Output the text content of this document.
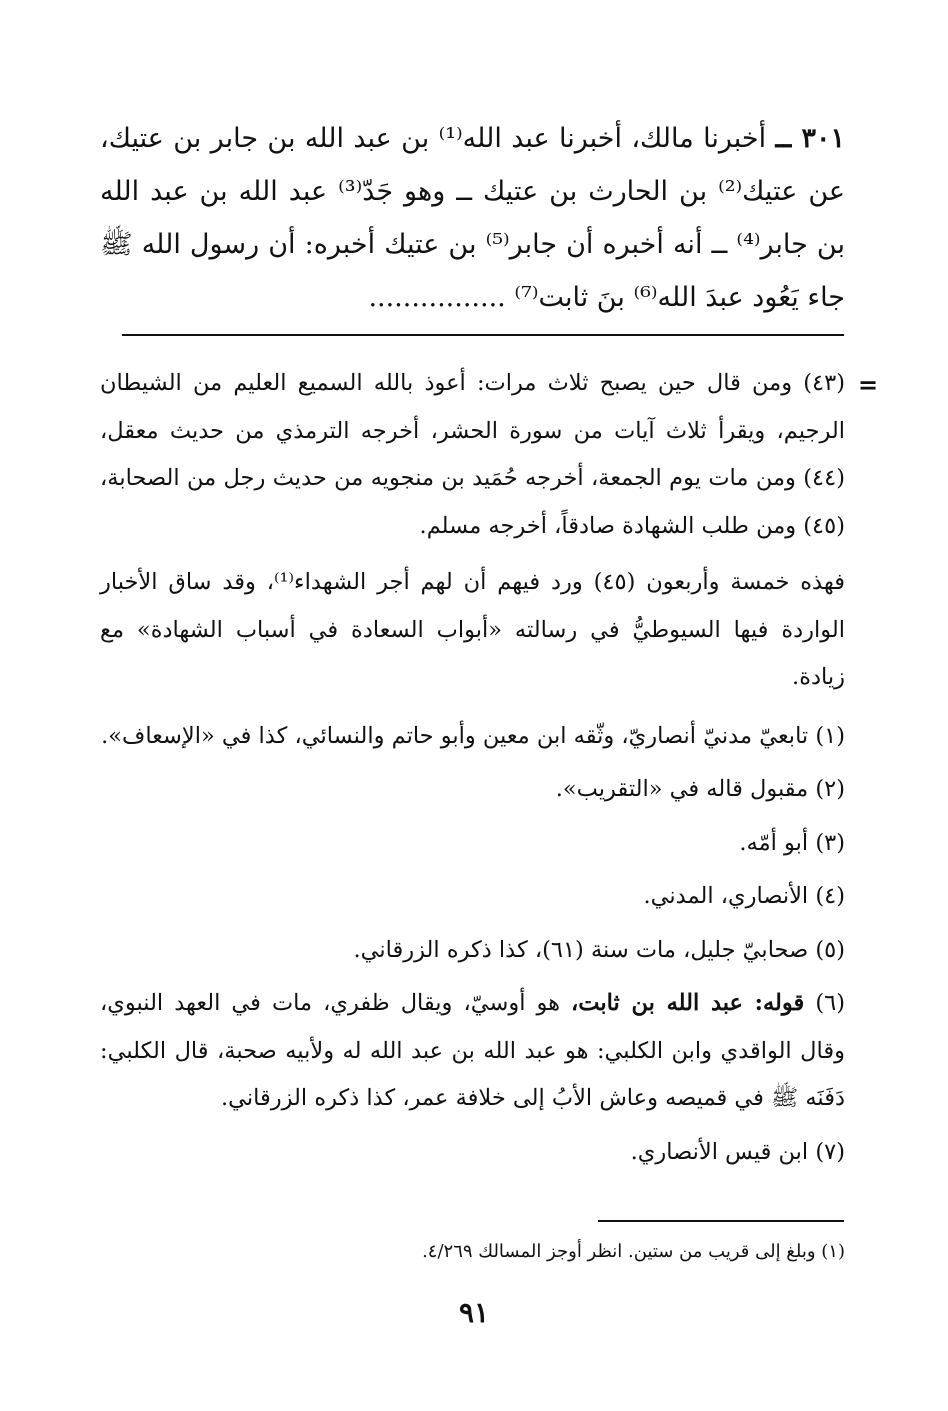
٣٠١ ــ أخبرنا مالك، أخبرنا عبد الله⁽¹⁾ بن عبد الله بن جابر بن عتيك، عن عتيك⁽²⁾ بن الحارث بن عتيك ــ وهو جَدّ⁽³⁾ عبد الله بن عبد الله بن جابر⁽⁴⁾ ــ أنه أخبره أن جابر⁽⁵⁾ بن عتيك أخبره: أن رسول الله ﷺ جاء يَعُود عبدَ الله⁽⁶⁾ بنَ ثابت⁽⁷⁾ ................
=

(٤٣) ومن قال حين يصبح ثلاث مرات: أعوذ بالله السميع العليم من الشيطان الرجيم، ويقرأ ثلاث آيات من سورة الحشر، أخرجه الترمذي من حديث معقل، (٤٤) ومن مات يوم الجمعة، أخرجه حُمَيد بن منجويه من حديث رجل من الصحابة، (٤٥) ومن طلب الشهادة صادقاً، أخرجه مسلم.

فهذه خمسة وأربعون (٤٥) ورد فيهم أن لهم أجر الشهداء⁽¹⁾، وقد ساق الأخبار الواردة فيها السيوطيُّ في رسالته «أبواب السعادة في أسباب الشهادة» مع زيادة.

(١) تابعيّ مدنيّ أنصاريّ، وثّقه ابن معين وأبو حاتم والنسائي، كذا في «الإسعاف».

(٢) مقبول قاله في «التقريب».

(٣) أبو أمّه.

(٤) الأنصاري، المدني.

(٥) صحابيّ جليل، مات سنة (٦١)، كذا ذكره الزرقاني.

(٦) قوله: عبد الله بن ثابت، هو أوسيّ، ويقال ظفري، مات في العهد النبوي، وقال الواقدي وابن الكلبي: هو عبد الله بن عبد الله له ولأبيه صحبة، قال الكلبي: دَفَنَه ﷺ في قميصه وعاش الأبُ إلى خلافة عمر، كذا ذكره الزرقاني.

(٧) ابن قيس الأنصاري.

(١) وبلغ إلى قريب من ستين. انظر أوجز المسالك ٤/٢٦٩.
٩١
